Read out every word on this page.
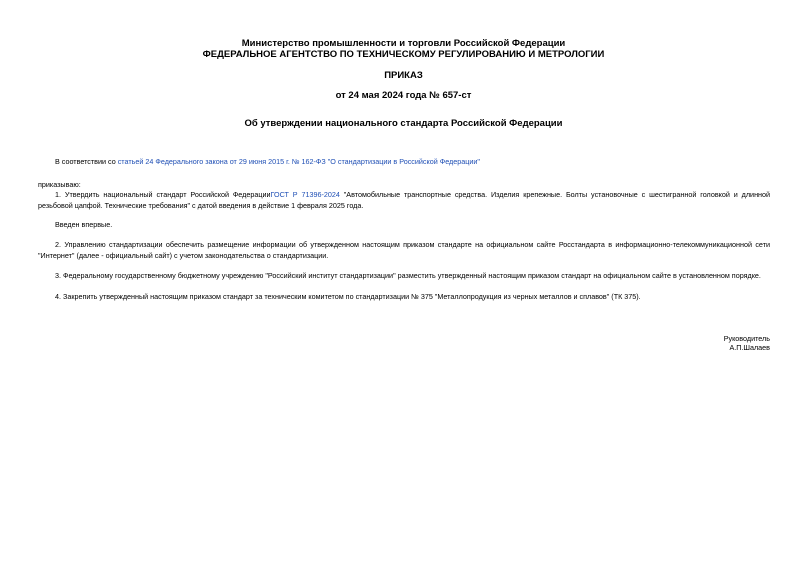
Министерство промышленности и торговли Российской Федерации
ФЕДЕРАЛЬНОЕ АГЕНТСТВО ПО ТЕХНИЧЕСКОМУ РЕГУЛИРОВАНИЮ И МЕТРОЛОГИИ
ПРИКАЗ
от 24 мая 2024 года № 657-ст
Об утверждении национального стандарта Российской Федерации
В соответствии со статьей 24 Федерального закона от 29 июня 2015 г. № 162-ФЗ "О стандартизации в Российской Федерации"
приказываю:
1. Утвердить национальный стандарт Российской ФедерацииГОСТ Р 71396-2024 "Автомобильные транспортные средства. Изделия крепежные. Болты установочные с шестигранной головкой и длинной резьбовой цапфой. Технические требования" с датой введения в действие 1 февраля 2025 года.
Введен впервые.
2. Управлению стандартизации обеспечить размещение информации об утвержденном настоящим приказом стандарте на официальном сайте Росстандарта в информационно-телекоммуникационной сети "Интернет" (далее - официальный сайт) с учетом законодательства о стандартизации.
3. Федеральному государственному бюджетному учреждению "Российский институт стандартизации" разместить утвержденный настоящим приказом стандарт на официальном сайте в установленном порядке.
4. Закрепить утвержденный настоящим приказом стандарт за техническим комитетом по стандартизации № 375 "Металлопродукция из черных металлов и сплавов" (ТК 375).
Руководитель
А.П.Шалаев
